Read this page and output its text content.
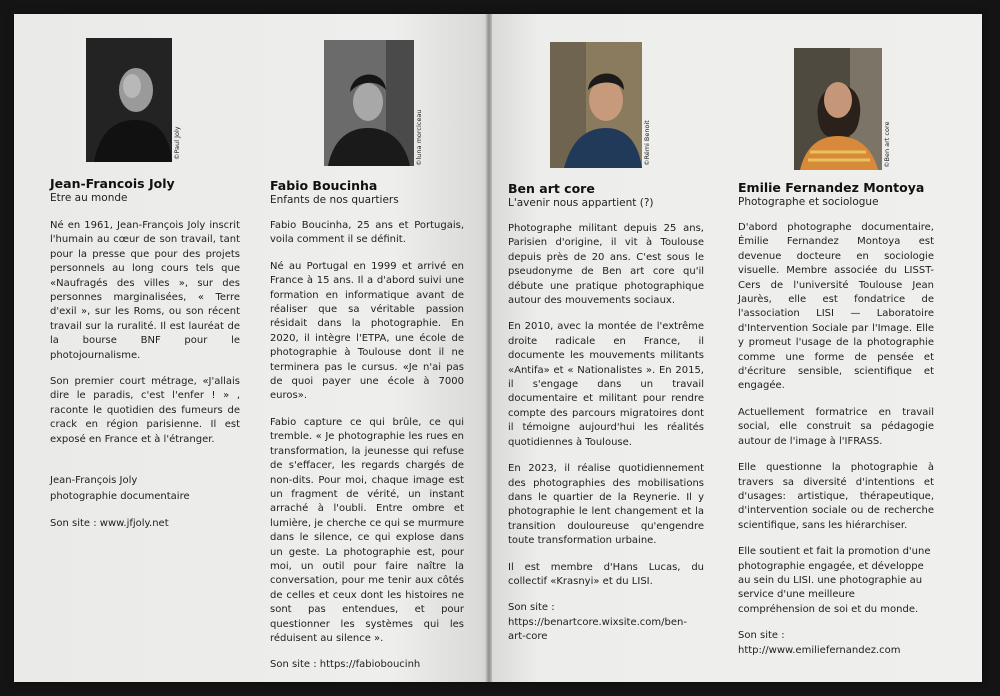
©Paul Joly

Jean-Francois Joly

Etre au monde

Né en 1961, Jean-François Joly inscrit l'humain au cœur de son travail, tant pour la presse que pour des projets personnels au long cours tels que «Naufragés des villes », sur des personnes marginalisées, « Terre d'exil », sur les Roms, ou son récent travail sur la ruralité. Il est lauréat de la bourse BNF pour le photojournalisme.

Son premier court métrage, «J'allais dire le paradis, c'est l'enfer ! » , raconte le quotidien des fumeurs de crack en région parisienne. Il est exposé en France et à l'étranger.

Jean-François Joly

photographie documentaire

Son site : www.jfjoly.net

©luna morciceau

Fabio Boucinha

Enfants de nos quartiers

Fabio Boucinha, 25 ans et Portugais, voila comment il se définit.

Né au Portugal en 1999 et arrivé en France à 15 ans. Il a d'abord suivi une formation en informatique avant de réaliser que sa véritable passion résidait dans la photographie. En 2020, il intègre l'ETPA, une école de photographie à Toulouse dont il ne terminera pas le cursus. «Je n'ai pas de quoi payer une école à 7000 euros».

Fabio capture ce qui brûle, ce qui tremble. « Je photographie les rues en transformation, la jeunesse qui refuse de s'effacer, les regards chargés de non-dits. Pour moi, chaque image est un fragment de vérité, un instant arraché à l'oubli. Entre ombre et lumière, je cherche ce qui se murmure dans le silence, ce qui explose dans un geste. La photographie est, pour moi, un outil pour faire naître la conversation, pour me tenir aux côtés de celles et ceux dont les histoires ne sont pas entendues, et pour questionner les systèmes qui les réduisent au silence ».

Son site : https://fabioboucinh

©Rémi Benoit

Ben art core

L'avenir nous appartient (?)

Photographe militant depuis 25 ans, Parisien d'origine, il vit à Toulouse depuis près de 20 ans. C'est sous le pseudonyme de Ben art core qu'il débute une pratique photographique autour des mouvements sociaux.

En 2010, avec la montée de l'extrême droite radicale en France, il documente les mouvements militants «Antifa» et « Nationalistes ». En 2015, il s'engage dans un travail documentaire et militant pour rendre compte des parcours migratoires dont il témoigne aujourd'hui les réalités quotidiennes à Toulouse.

En 2023, il réalise quotidiennement des photographies des mobilisations dans le quartier de la Reynerie. Il y photographie le lent changement et la transition douloureuse qu'engendre toute transformation urbaine.

Il est membre d'Hans Lucas, du collectif «Krasnyi» et du LISI.

Son site : https://benartcore.wixsite.com/ben-art-core

©Ben art core

Emilie Fernandez Montoya

Photographe et sociologue

D'abord photographe documentaire, Émilie Fernandez Montoya est devenue docteure en sociologie visuelle. Membre associée du LISST-Cers de l'université Toulouse Jean Jaurès, elle est fondatrice de l'association LISI — Laboratoire d'Intervention Sociale par l'Image. Elle y promeut l'usage de la photographie comme une forme de pensée et d'écriture sensible, scientifique et engagée.

Actuellement formatrice en travail social, elle construit sa pédagogie autour de l'image à l'IFRASS.

Elle questionne la photographie à travers sa diversité d'intentions et d'usages: artistique, thérapeutique, d'intervention sociale ou de recherche scientifique, sans les hiérarchiser.

Elle soutient et fait la promotion d'une photographie engagée, et développe au sein du LISI. une photographie au service d'une meilleure compréhension de soi et du monde.

Son site : http://www.emiliefernandez.com
